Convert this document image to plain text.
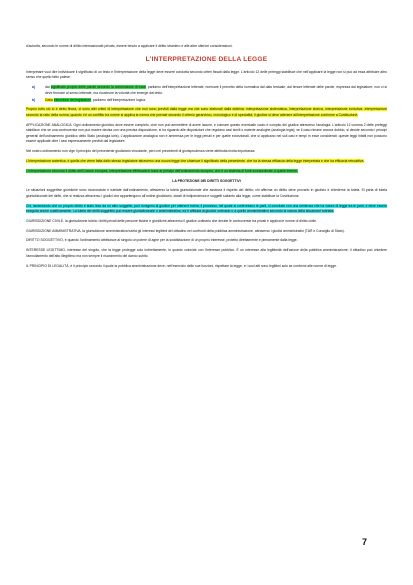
d'autorità, secondo le norme di diritto internazionale privato, essere tenuto a applicare il diritto straniero e alle altre ulteriori considerazioni.

L'INTERPRETAZIONE DELLA LEGGE

Interpretare vuol dire individuare il significato di un testo e l'interpretazione della legge deve essere condotta secondo criteri fissati dalla legge. L'articolo 12 delle preleggi stabilisce che nell'applicare la legge non si può ad essa attribuire altro senso che quello fatto palese:

a)	dal significato proprio delle parole secondo la connessione di esse, parliamo dell'interpretazione letterale, ricercare il precetto della normativa dal dato testuale, dal tenore letterale delle parole, espressa dal legislatore; non ci si deve fermare al senso letterale, ma ricostruire la volontà che emerge dal testo.
b)	Dalla intenzione del legislatore, parliamo dell'interpretazione logica.

Proprio tutto ciò si è detto finora, ci sono altri criteri di interpretazione che non sono previsti dalla legge ma che sono elaborati dalla dottrina: interpretazione sistematica, interpretazione storica, interpretazione evolutiva, interpretazione secondo la ratio della norma; quando c'è un conflitto tra norme si applica la norma che prevale secondo il criterio gerarchico, cronologico e di specialità; il giudice si deve attenere all'interpretazione conforme a Costituzione.

APPLICAZIONE ANALOGICA: Ogni ordinamento giuridico deve essere completo, cioè non può ammettere di avere lacune, e colmare questo eventuale vuoto è compito del giudice attraverso l'analogia. L'articolo 12 comma 2 delle preleggi stabilisce che se una controversia non può essere decisa con una precisa disposizione, si ha riguardo alle disposizioni che regolano casi simili o materie analoghe (analogia legis); se il caso rimane ancora dubbio, si decide secondo i principi generali dell'ordinamento giuridico dello Stato (analogia iuris). L'applicazione analogica non è ammessa per le leggi penali e per quelle eccezionali, che si applicano nei soli casi e tempi in esse considerati; queste leggi infatti non possono essere applicate oltre i casi espressamente previsti dal legislatore.

Nel nostro ordinamento non vige il principio del precedente giudiziario vincolante, però nei precedenti di giurisprudenza viene attribuita molta importanza.

L'interpretazione autentica, è quella che viene fatta dallo stesso legislatore attraverso una nuova legge che chiarisce il significato della precedente, che ha la stessa efficacia della legge interpretata e che ha efficacia retroattiva.

L'interpretazione secondo il diritto dell'Unione europea, interpretazione effettuata in base ai principi dell'ordinamento europeo, che è un sistema di fonti sovraordinate a quelle interne.

LA PROTEZIONE DEI DIRITTI SOGGETTIVI

Le situazioni soggettive giuridiche sono riconosciute e tutelate dall'ordinamento, attraverso la tutela giurisdizionale che assicura il rispetto del diritto; chi afferma un diritto deve provarlo in giudizio e chiederne la tutela. Si parla di tutela giurisdizionale dei diritti, che si realizza attraverso i giudici che appartengono all'ordine giudiziario, dotati di indipendenza e soggetti soltanto alla legge, come stabilisce la Costituzione.

Chi, lamentando che un proprio diritto è stato leso da un altro soggetto, può rivolgersi al giudice per ottenere tutela; il processo, nel quale si confrontano le parti, si conclude con una sentenza che ha valore di legge tra le parti, e deve essere eseguita anche coattivamente. La tutela dei diritti soggettivi può essere giurisdizionale o amministrativa, ed è affidata al giudice ordinario o a quello amministrativo secondo la natura della situazione tutelata.

GIURISDIZIONE CIVILE, la giurisdizione tutela i diritti privati delle persone fisiche e giuridiche attraverso il giudice ordinario che decide le controversie tra privati e applica le norme di diritto civile.

GIURISDIZIONE AMMINISTRATIVA, la giurisdizione amministrativa tutela gli interessi legittimi del cittadino nei confronti della pubblica amministrazione, attraverso i giudici amministrativi (TAR e Consiglio di Stato).

DIRITTO SOGGETTIVO, è quando l'ordinamento attribuisce al singolo un potere di agire per la soddisfazione di un proprio interesse, protetto direttamente e pienamente dalla legge.

INTERESSE LEGITTIMO, interesse del singolo, che la legge protegge solo indirettamente, in quanto coincide con l'interesse pubblico. È un interesse alla legittimità dell'azione della pubblica amministrazione; il cittadino può chiedere l'annullamento dell'atto illegittimo ma non sempre il risarcimento del danno subito.

IL PRINCIPIO DI LEGALITÀ, è il principio secondo il quale la pubblica amministrazione deve, nell'esercizio delle sue funzioni, rispettare la legge, e i suoi atti sono legittimi solo se conformi alle norme di legge.

7
